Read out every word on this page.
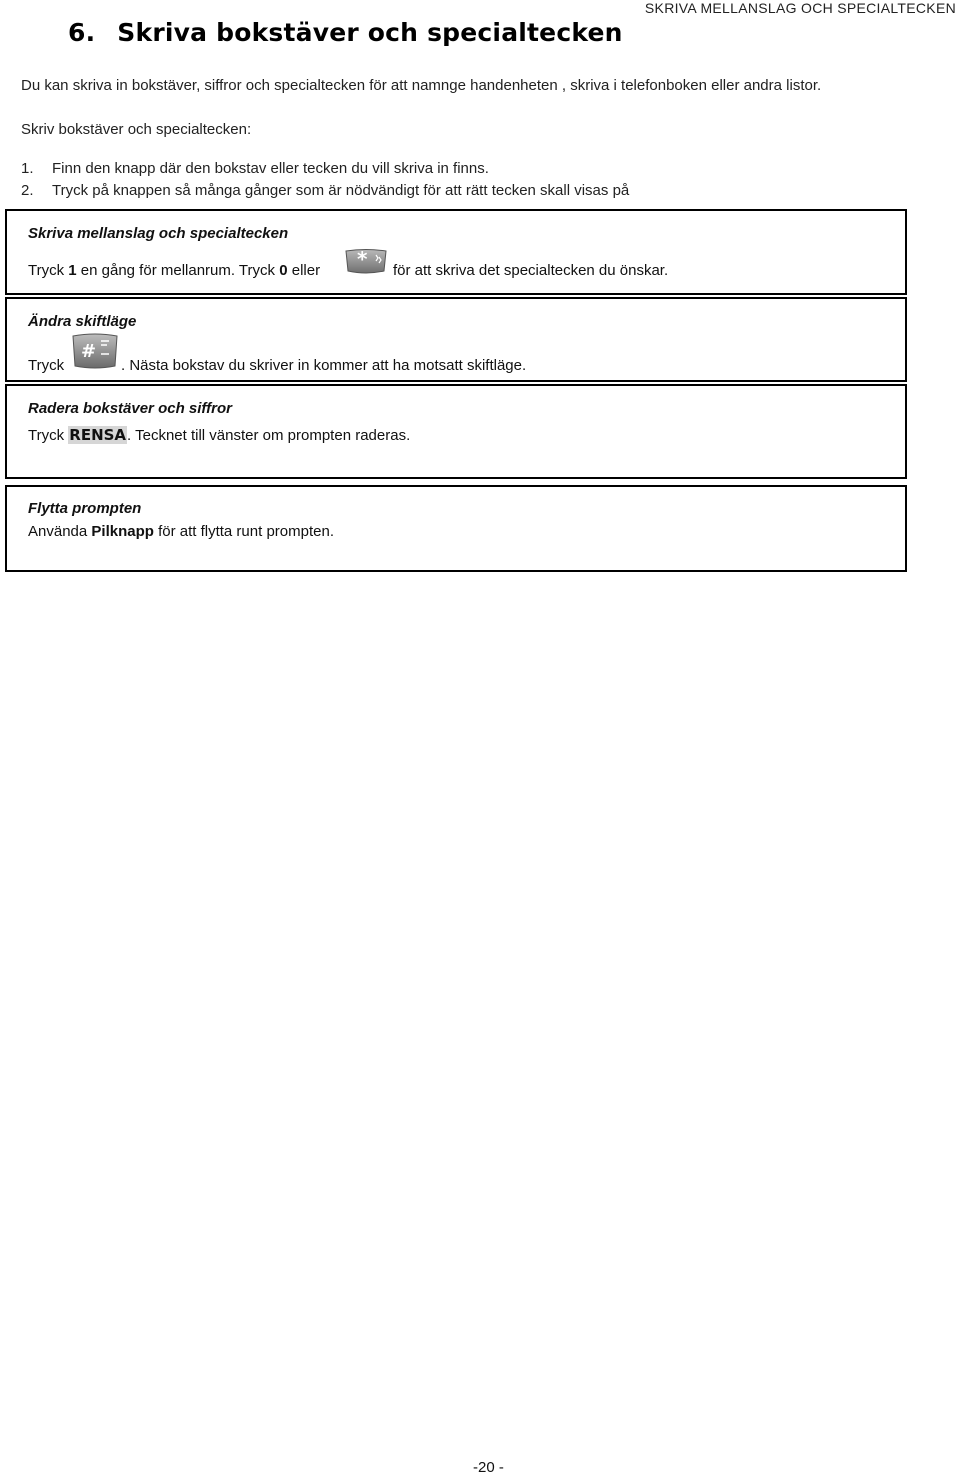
SKRIVA MELLANSLAG OCH SPECIALTECKEN
6. Skriva bokstäver och specialtecken
Du kan skriva in bokstäver, siffror och specialtecken för att namnge handenheten , skriva i telefonboken eller andra listor.
Skriv bokstäver och specialtecken:
1. Finn den knapp där den bokstav eller tecken du vill skriva in finns.
2. Tryck på knappen så många gånger som är nödvändigt för att rätt tecken skall visas på
Skriva mellanslag och specialtecken
Tryck 1 en gång för mellanrum. Tryck 0 eller * för att skriva det specialtecken du önskar.
Ändra skiftläge
Tryck
#
. Nästa bokstav du skriver in kommer att ha motsatt skiftläge.
Radera bokstäver och siffror
Tryck RENSA. Tecknet till vänster om prompten raderas.
Flytta prompten
Använda Pilknapp för att flytta runt prompten.
-20 -
